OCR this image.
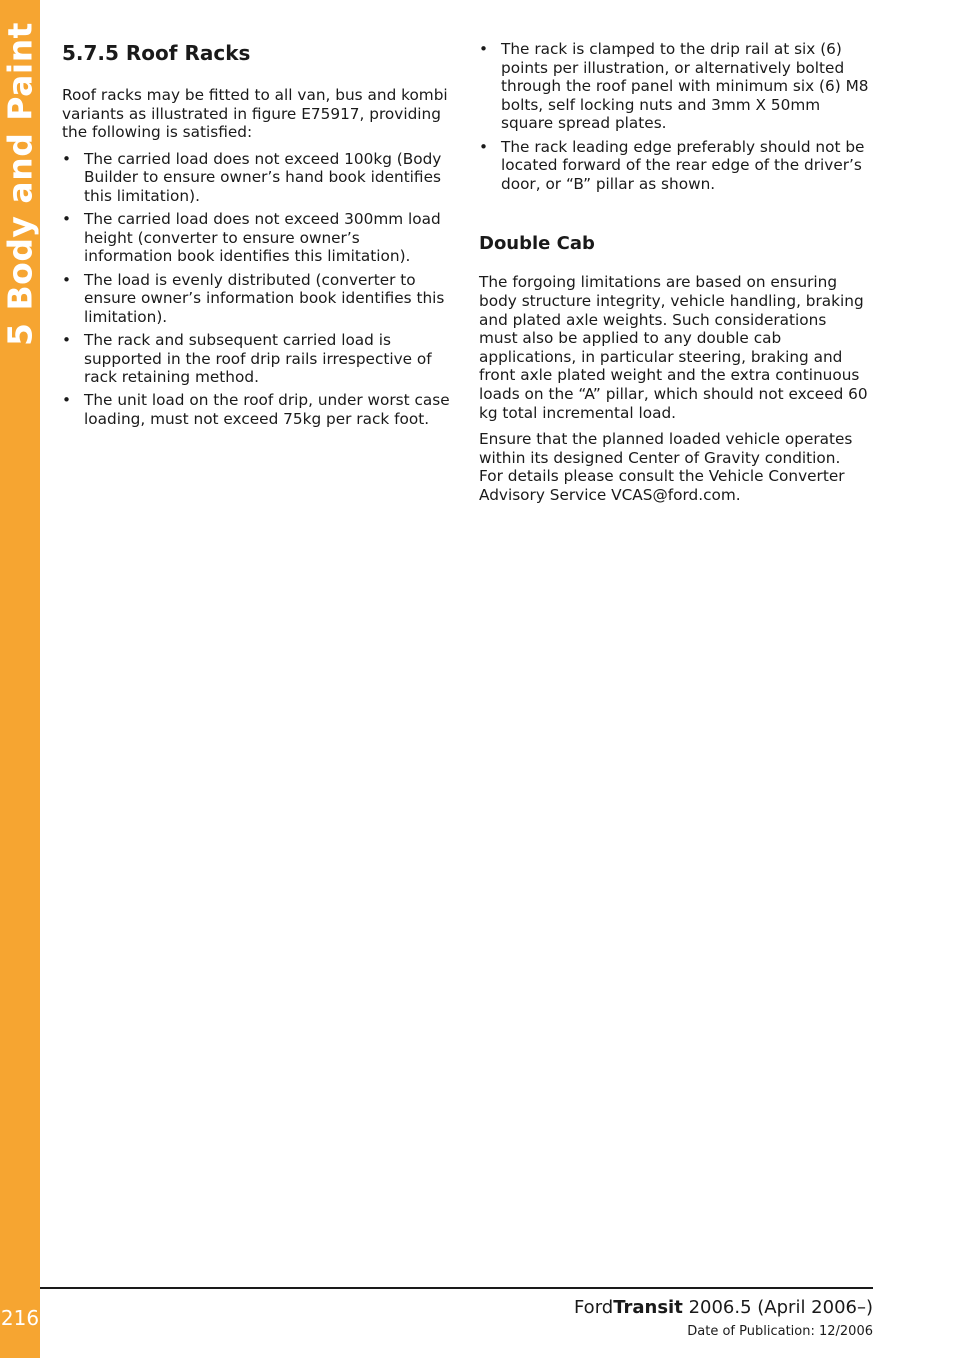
5 Body and Paint
216
5.7.5 Roof Racks

Roof racks may be fitted to all van, bus and kombi variants as illustrated in figure E75917, providing the following is satisfied:

• The carried load does not exceed 100kg (Body Builder to ensure owner’s hand book identifies this limitation).
• The carried load does not exceed 300mm load height (converter to ensure owner’s information book identifies this limitation).
• The load is evenly distributed (converter to ensure owner’s information book identifies this limitation).
• The rack and subsequent carried load is supported in the roof drip rails irrespective of rack retaining method.
• The unit load on the roof drip, under worst case loading, must not exceed 75kg per rack foot.
• The rack is clamped to the drip rail at six (6) points per illustration, or alternatively bolted through the roof panel with minimum six (6) M8 bolts, self locking nuts and 3mm X 50mm square spread plates.
• The rack leading edge preferably should not be located forward of the rear edge of the driver’s door, or “B” pillar as shown.
Double Cab

The forgoing limitations are based on ensuring body structure integrity, vehicle handling, braking and plated axle weights. Such considerations must also be applied to any double cab applications, in particular steering, braking and front axle plated weight and the extra continuous loads on the “A” pillar, which should not exceed 60 kg total incremental load.

Ensure that the planned loaded vehicle operates within its designed Center of Gravity condition. For details please consult the Vehicle Converter Advisory Service VCAS@ford.com.

FordTransit 2006.5 (April 2006–)
Date of Publication: 12/2006
